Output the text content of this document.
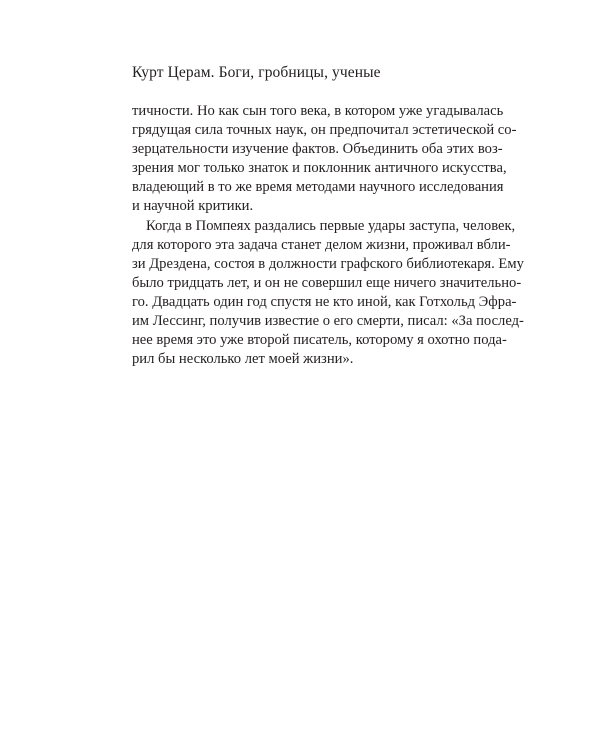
Курт Церам. Боги, гробницы, ученые
тичности. Но как сын того века, в котором уже угадывалась
грядущая сила точных наук, он предпочитал эстетической со-
зерцательности изучение фактов. Объединить оба этих воз-
зрения мог только знаток и поклонник античного искусства,
владеющий в то же время методами научного исследования
и научной критики.
Когда в Помпеях раздались первые удары заступа, человек,
для которого эта задача станет делом жизни, проживал вбли-
зи Дрездена, состоя в должности графского библиотекаря. Ему
было тридцать лет, и он не совершил еще ничего значительно-
го. Двадцать один год спустя не кто иной, как Готхольд Эфра-
им Лессинг, получив известие о его смерти, писал: «За послед-
нее время это уже второй писатель, которому я охотно пода-
рил бы несколько лет моей жизни».
